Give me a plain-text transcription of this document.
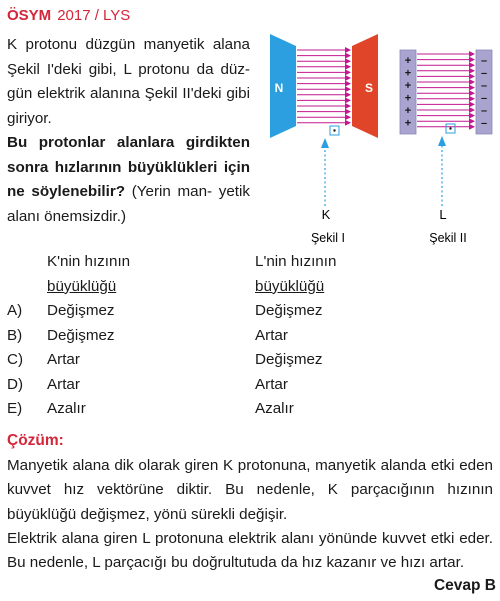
ÖSYM 2017 / LYS
K protonu düzgün manyetik alana Şekil I'deki gibi, L protonu da düz- gün elektrik alanına Şekil II'deki gibi giriyor.
Bu protonlar alanlara girdikten sonra hızlarının büyüklükleri için ne söylenebilir? (Yerin man- yetik alanı önemsizdir.)
N	S
K
Şekil I
+
+
+
+
+
+
–
–
–
–
–
–
L
Şekil II
K'nin hızının
büyüklüğü
L'nin hızının
büyüklüğü
A) Değişmez	Değişmez
B) Değişmez	Artar
C) Artar	Değişmez
D) Artar	Artar
E) Azalır	Azalır
Çözüm:
Manyetik alana dik olarak giren K protonuna, manyetik alanda etki eden kuvvet hız vektörüne diktir. Bu nedenle, K parçacığının hızının büyüklüğü değişmez, yönü sürekli değişir.
Elektrik alana giren L protonuna elektrik alanı yönünde kuvvet etki eder. Bu nedenle, L parçacığı bu doğrultutuda da hız kazanır ve hızı artar.
Cevap B
